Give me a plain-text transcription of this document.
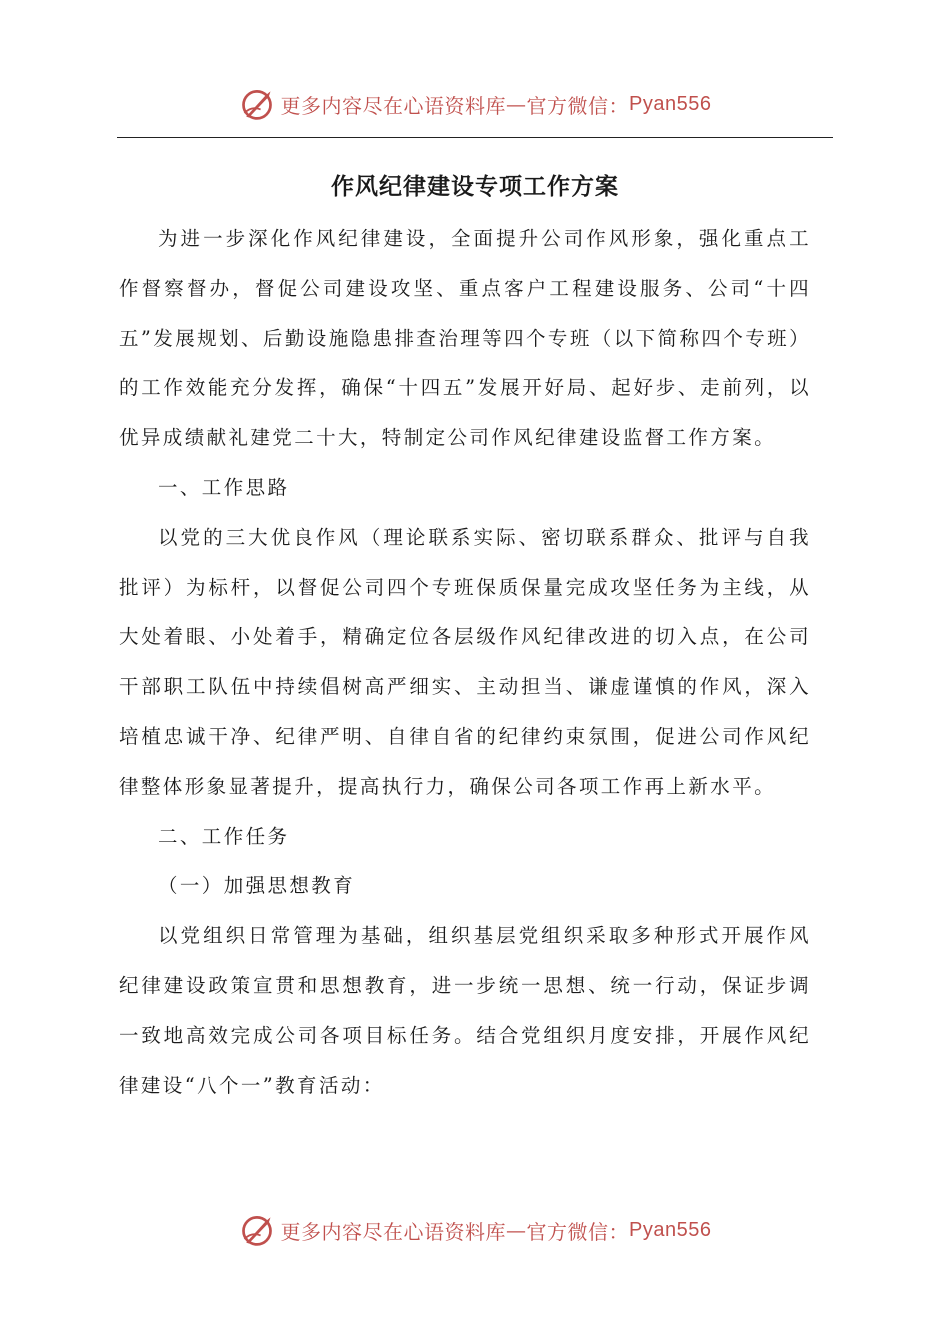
更多内容尽在心语资料库 — 官方微信： Pyan556
作风纪律建设专项工作方案

为进一步深化作风纪律建设，全面提升公司作风形象，强化重点工作督察督办，督促公司建设攻坚、重点客户工程建设服务、公司“十四五”发展规划、后勤设施隐患排查治理等四个专班（以下简称四个专班）的工作效能充分发挥，确保“十四五”发展开好局、起好步、走前列，以优异成绩献礼建党二十大，特制定公司作风纪律建设监督工作方案。

一、工作思路

以党的三大优良作风（理论联系实际、密切联系群众、批评与自我批评）为标杆，以督促公司四个专班保质保量完成攻坚任务为主线，从大处着眼、小处着手，精确定位各层级作风纪律改进的切入点，在公司干部职工队伍中持续倡树高严细实、主动担当、谦虚谨慎的作风，深入培植忠诚干净、纪律严明、自律自省的纪律约束氛围，促进公司作风纪律整体形象显著提升，提高执行力，确保公司各项工作再上新水平。

二、工作任务

（一）加强思想教育

以党组织日常管理为基础，组织基层党组织采取多种形式开展作风纪律建设政策宣贯和思想教育，进一步统一思想、统一行动，保证步调一致地高效完成公司各项目标任务。结合党组织月度安排，开展作风纪律建设“八个一”教育活动：

更多内容尽在心语资料库 — 官方微信： Pyan556
